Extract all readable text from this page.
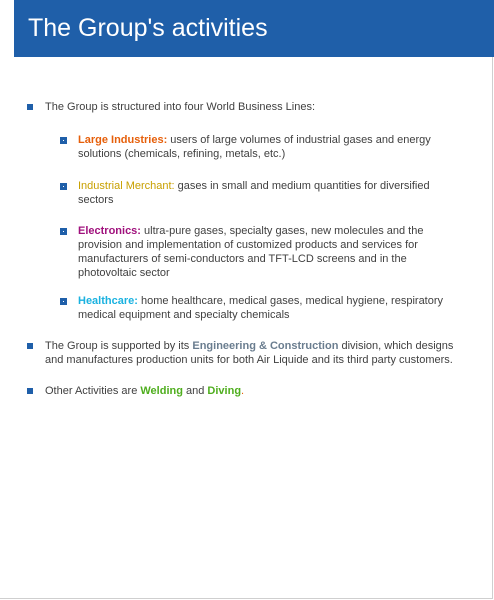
The Group's activities
The Group is structured into four World Business Lines:
Large Industries: users of large volumes of industrial gases and energy solutions (chemicals, refining, metals, etc.)
Industrial Merchant: gases in small and medium quantities for diversified sectors
Electronics: ultra-pure gases, specialty gases, new molecules and the provision and implementation of customized products and services for manufacturers of semi-conductors and TFT-LCD screens and in the photovoltaic sector
Healthcare: home healthcare, medical gases, medical hygiene, respiratory medical equipment and specialty chemicals
The Group is supported by its Engineering & Construction division, which designs and manufactures production units for both Air Liquide and its third party customers.
Other Activities are Welding and Diving.
